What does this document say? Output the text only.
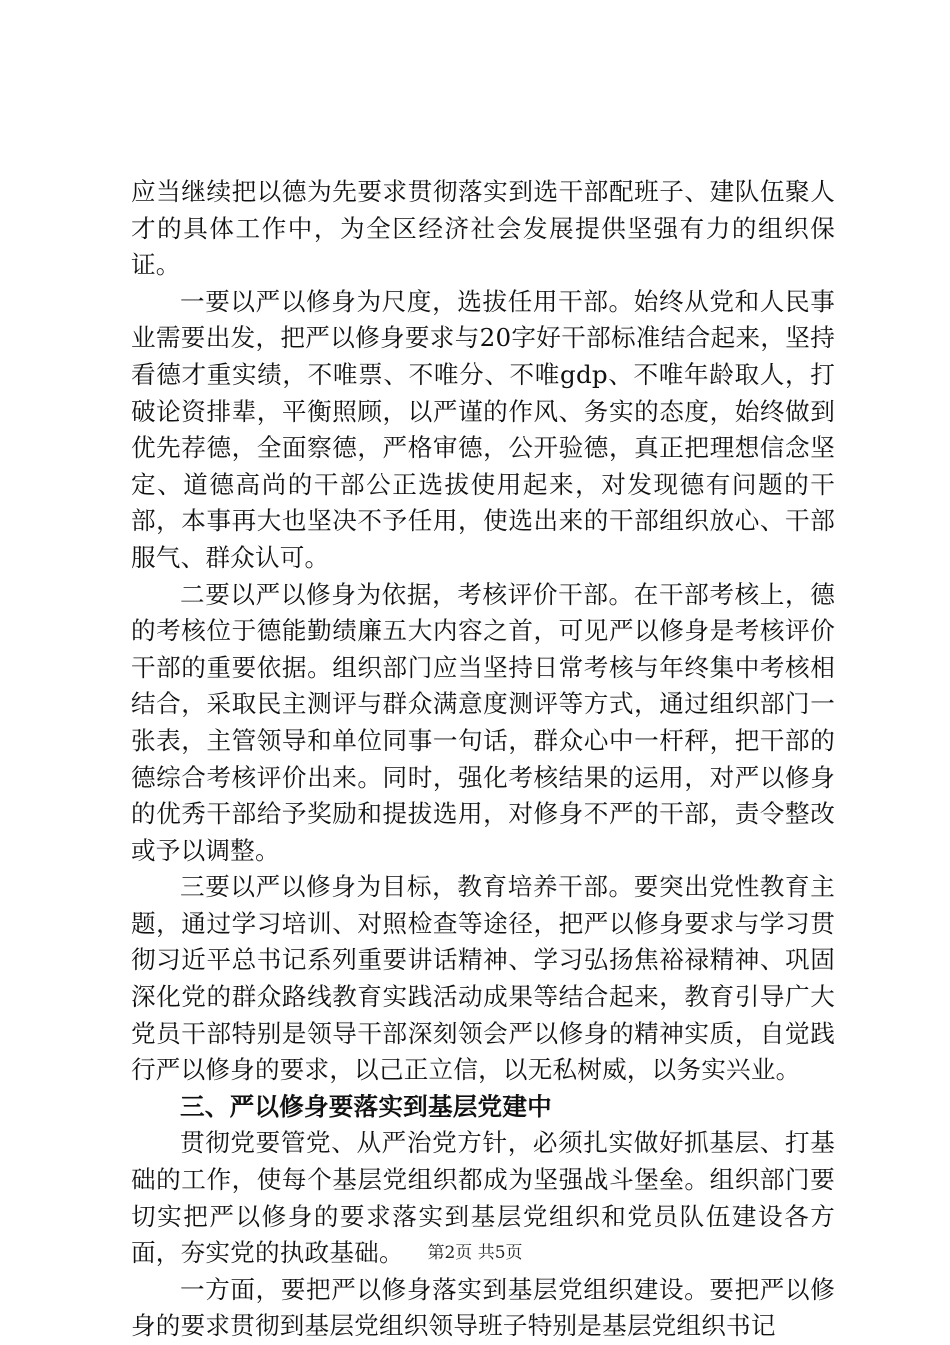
应当继续把以德为先要求贯彻落实到选干部配班子、建队伍聚人才的具体工作中，为全区经济社会发展提供坚强有力的组织保证。

一要以严以修身为尺度，选拔任用干部。始终从党和人民事业需要出发，把严以修身要求与20字好干部标准结合起来，坚持看德才重实绩，不唯票、不唯分、不唯gdp、不唯年龄取人，打破论资排辈，平衡照顾，以严谨的作风、务实的态度，始终做到优先荐德，全面察德，严格审德，公开验德，真正把理想信念坚定、道德高尚的干部公正选拔使用起来，对发现德有问题的干部，本事再大也坚决不予任用，使选出来的干部组织放心、干部服气、群众认可。

二要以严以修身为依据，考核评价干部。在干部考核上，德的考核位于德能勤绩廉五大内容之首，可见严以修身是考核评价干部的重要依据。组织部门应当坚持日常考核与年终集中考核相结合，采取民主测评与群众满意度测评等方式，通过组织部门一张表，主管领导和单位同事一句话，群众心中一杆秤，把干部的德综合考核评价出来。同时，强化考核结果的运用，对严以修身的优秀干部给予奖励和提拔选用，对修身不严的干部，责令整改或予以调整。

三要以严以修身为目标，教育培养干部。要突出党性教育主题，通过学习培训、对照检查等途径，把严以修身要求与学习贯彻习近平总书记系列重要讲话精神、学习弘扬焦裕禄精神、巩固深化党的群众路线教育实践活动成果等结合起来，教育引导广大党员干部特别是领导干部深刻领会严以修身的精神实质，自觉践行严以修身的要求，以己正立信，以无私树威，以务实兴业。

三、严以修身要落实到基层党建中

贯彻党要管党、从严治党方针，必须扎实做好抓基层、打基础的工作，使每个基层党组织都成为坚强战斗堡垒。组织部门要切实把严以修身的要求落实到基层党组织和党员队伍建设各方面，夯实党的执政基础。

一方面，要把严以修身落实到基层党组织建设。要把严以修身的要求贯彻到基层党组织领导班子特别是基层党组织书记

第2页 共5页
